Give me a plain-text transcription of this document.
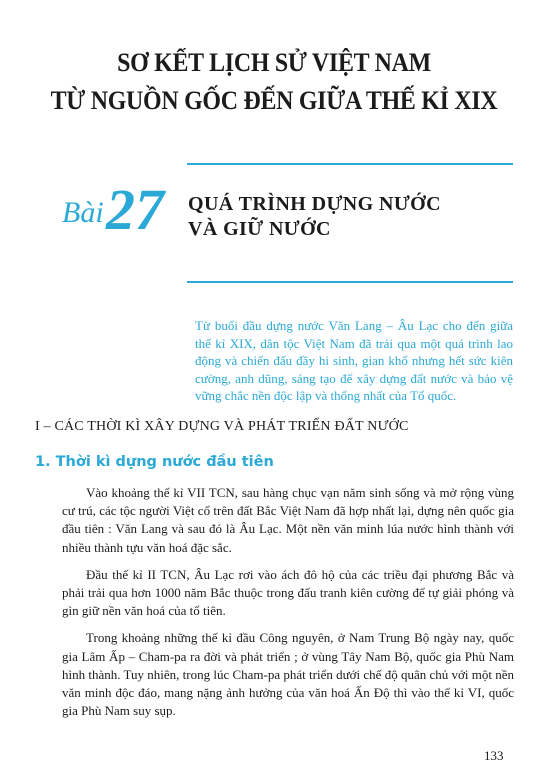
SƠ KẾT LỊCH SỬ VIỆT NAM
TỪ NGUỒN GỐC ĐẾN GIỮA THẾ KỈ XIX
Bài 27 QUÁ TRÌNH DỰNG NƯỚC
VÀ GIỮ NƯỚC
Từ buổi đầu dựng nước Văn Lang – Âu Lạc cho đến giữa thế kỉ XIX, dân tộc Việt Nam đã trải qua một quá trình lao động và chiến đấu đầy hi sinh, gian khổ nhưng hết sức kiên cường, anh dũng, sáng tạo để xây dựng đất nước và bảo vệ vững chắc nền độc lập và thống nhất của Tổ quốc.
I – CÁC THỜI KÌ XÂY DỰNG VÀ PHÁT TRIỂN ĐẤT NƯỚC
1. Thời kì dựng nước đầu tiên

Vào khoảng thế kỉ VII TCN, sau hàng chục vạn năm sinh sống và mở rộng vùng cư trú, các tộc người Việt cổ trên đất Bắc Việt Nam đã hợp nhất lại, dựng nên quốc gia đầu tiên : Văn Lang và sau đó là Âu Lạc. Một nền văn minh lúa nước hình thành với nhiều thành tựu văn hoá đặc sắc.

Đầu thế kỉ II TCN, Âu Lạc rơi vào ách đô hộ của các triều đại phương Bắc và phải trải qua hơn 1000 năm Bắc thuộc trong đấu tranh kiên cường để tự giải phóng và gìn giữ nền văn hoá của tổ tiên.

Trong khoảng những thế kỉ đầu Công nguyên, ở Nam Trung Bộ ngày nay, quốc gia Lâm Ấp – Cham-pa ra đời và phát triển ; ở vùng Tây Nam Bộ, quốc gia Phù Nam hình thành. Tuy nhiên, trong lúc Cham-pa phát triển dưới chế độ quân chủ với một nền văn minh độc đáo, mang nặng ảnh hưởng của văn hoá Ấn Độ thì vào thế kỉ VI, quốc gia Phù Nam suy sụp.

133
